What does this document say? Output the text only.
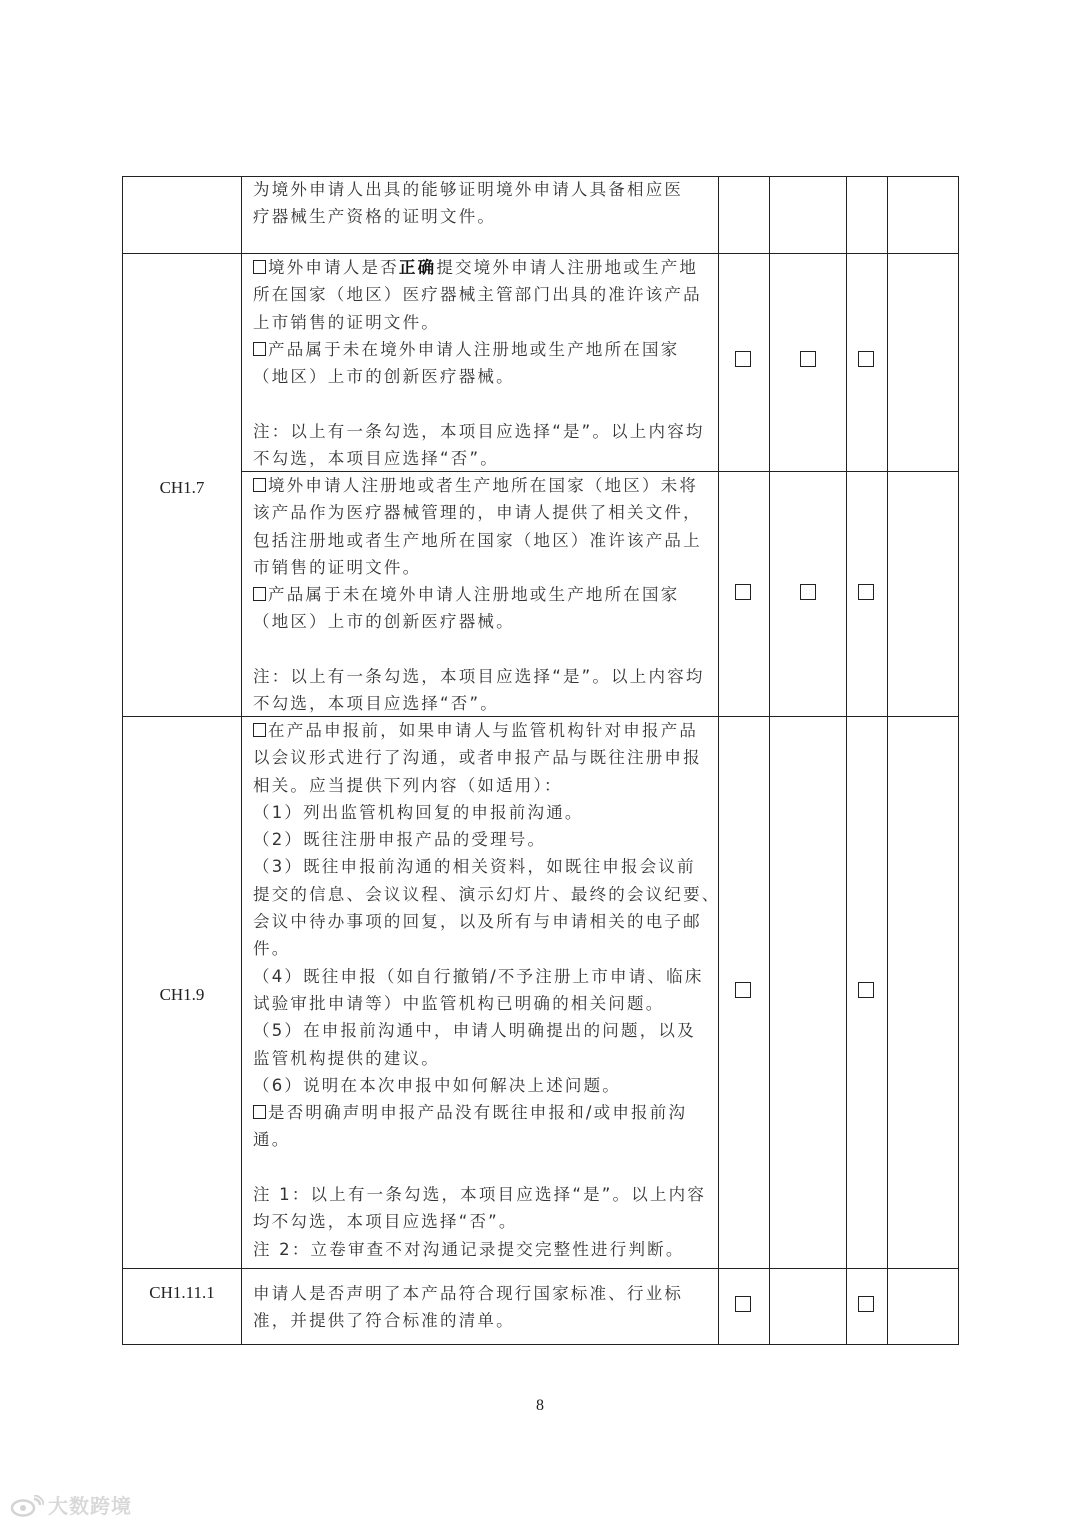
为境外申请人出具的能够证明境外申请人具备相应医
疗器械生产资格的证明文件。
境外申请人是否正确提交境外申请人注册地或生产地
所在国家（地区）医疗器械主管部门出具的准许该产品
上市销售的证明文件。
产品属于未在境外申请人注册地或生产地所在国家
（地区）上市的创新医疗器械。
注：以上有一条勾选，本项目应选择“是”。以上内容均
不勾选，本项目应选择“否”。
CH1.7	境外申请人注册地或者生产地所在国家（地区）未将
该产品作为医疗器械管理的，申请人提供了相关文件，
包括注册地或者生产地所在国家（地区）准许该产品上
市销售的证明文件。
产品属于未在境外申请人注册地或生产地所在国家
（地区）上市的创新医疗器械。
注：以上有一条勾选，本项目应选择“是”。以上内容均
不勾选，本项目应选择“否”。
CH1.9
在产品申报前，如果申请人与监管机构针对申报产品
以会议形式进行了沟通，或者申报产品与既往注册申报
相关。应当提供下列内容（如适用）：
（1）列出监管机构回复的申报前沟通。
（2）既往注册申报产品的受理号。
（3）既往申报前沟通的相关资料，如既往申报会议前
提交的信息、会议议程、演示幻灯片、最终的会议纪要、
会议中待办事项的回复，以及所有与申请相关的电子邮
件。
（4）既往申报（如自行撤销/不予注册上市申请、临床
试验审批申请等）中监管机构已明确的相关问题。
（5）在申报前沟通中，申请人明确提出的问题，以及
监管机构提供的建议。
（6）说明在本次申报中如何解决上述问题。
是否明确声明申报产品没有既往申报和/或申报前沟
通。
注 1：以上有一条勾选，本项目应选择“是”。以上内容
均不勾选，本项目应选择“否”。
注 2：立卷审查不对沟通记录提交完整性进行判断。
CH1.11.1	申请人是否声明了本产品符合现行国家标准、行业标
准，并提供了符合标准的清单。
8
大数跨境
